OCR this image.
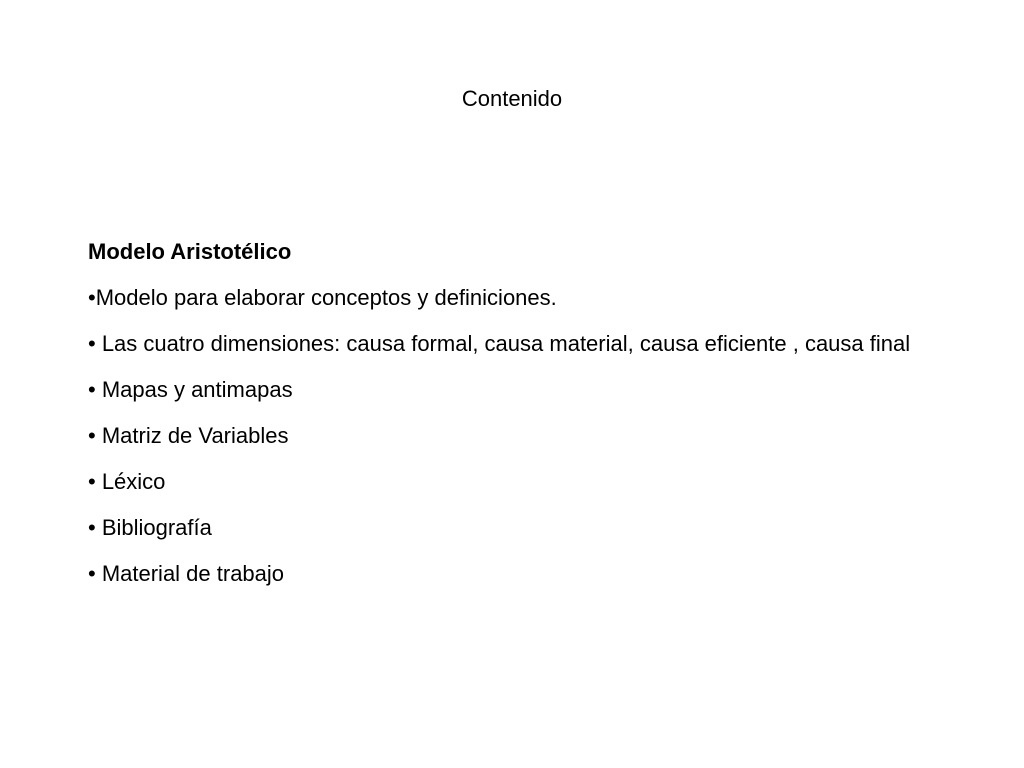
Contenido
Modelo Aristotélico
•Modelo para elaborar conceptos y definiciones.
• Las cuatro dimensiones: causa formal, causa material, causa eficiente , causa final
• Mapas y antimapas
• Matriz de Variables
• Léxico
• Bibliografía
• Material de trabajo
